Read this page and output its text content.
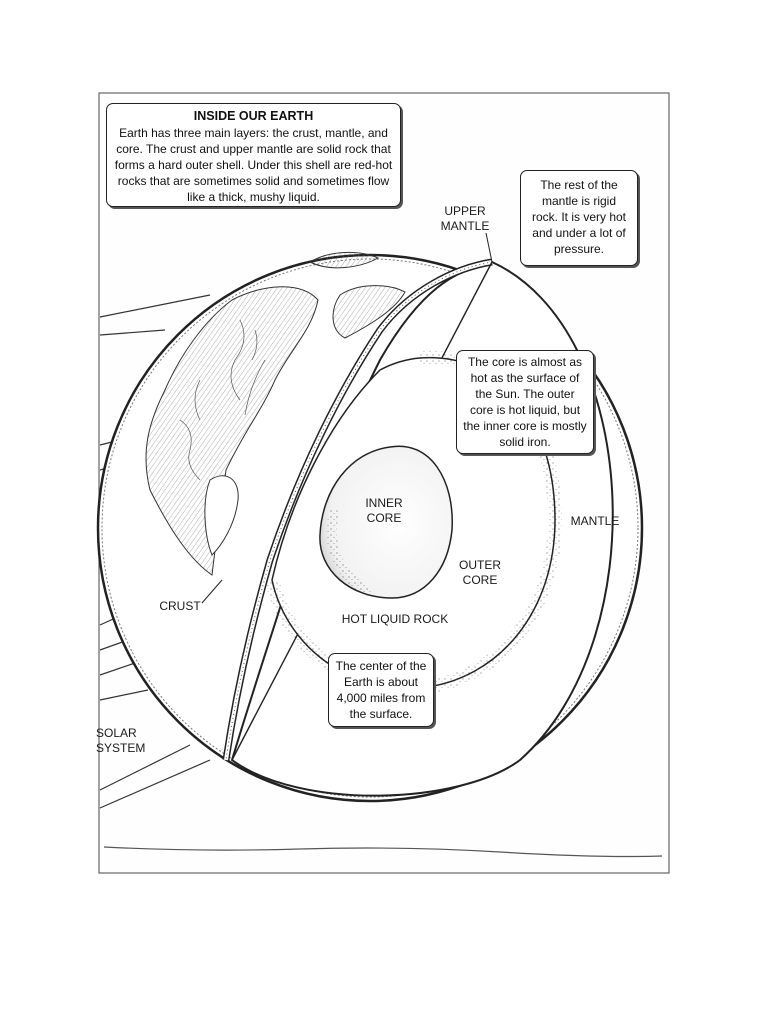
INSIDE OUR EARTH
Earth has three main layers: the crust, mantle, and core. The crust and upper mantle are solid rock that forms a hard outer shell. Under this shell are red-hot rocks that are sometimes solid and sometimes flow like a thick, mushy liquid.
The rest of the mantle is rigid rock. It is very hot and under a lot of pressure.
The core is almost as hot as the surface of the Sun. The outer core is hot liquid, but the inner core is mostly solid iron.
The center of the Earth is about 4,000 miles from the surface.
UPPER
MANTLE
INNER
CORE
OUTER
CORE
MANTLE
CRUST
HOT LIQUID ROCK
SOLAR
SYSTEM
